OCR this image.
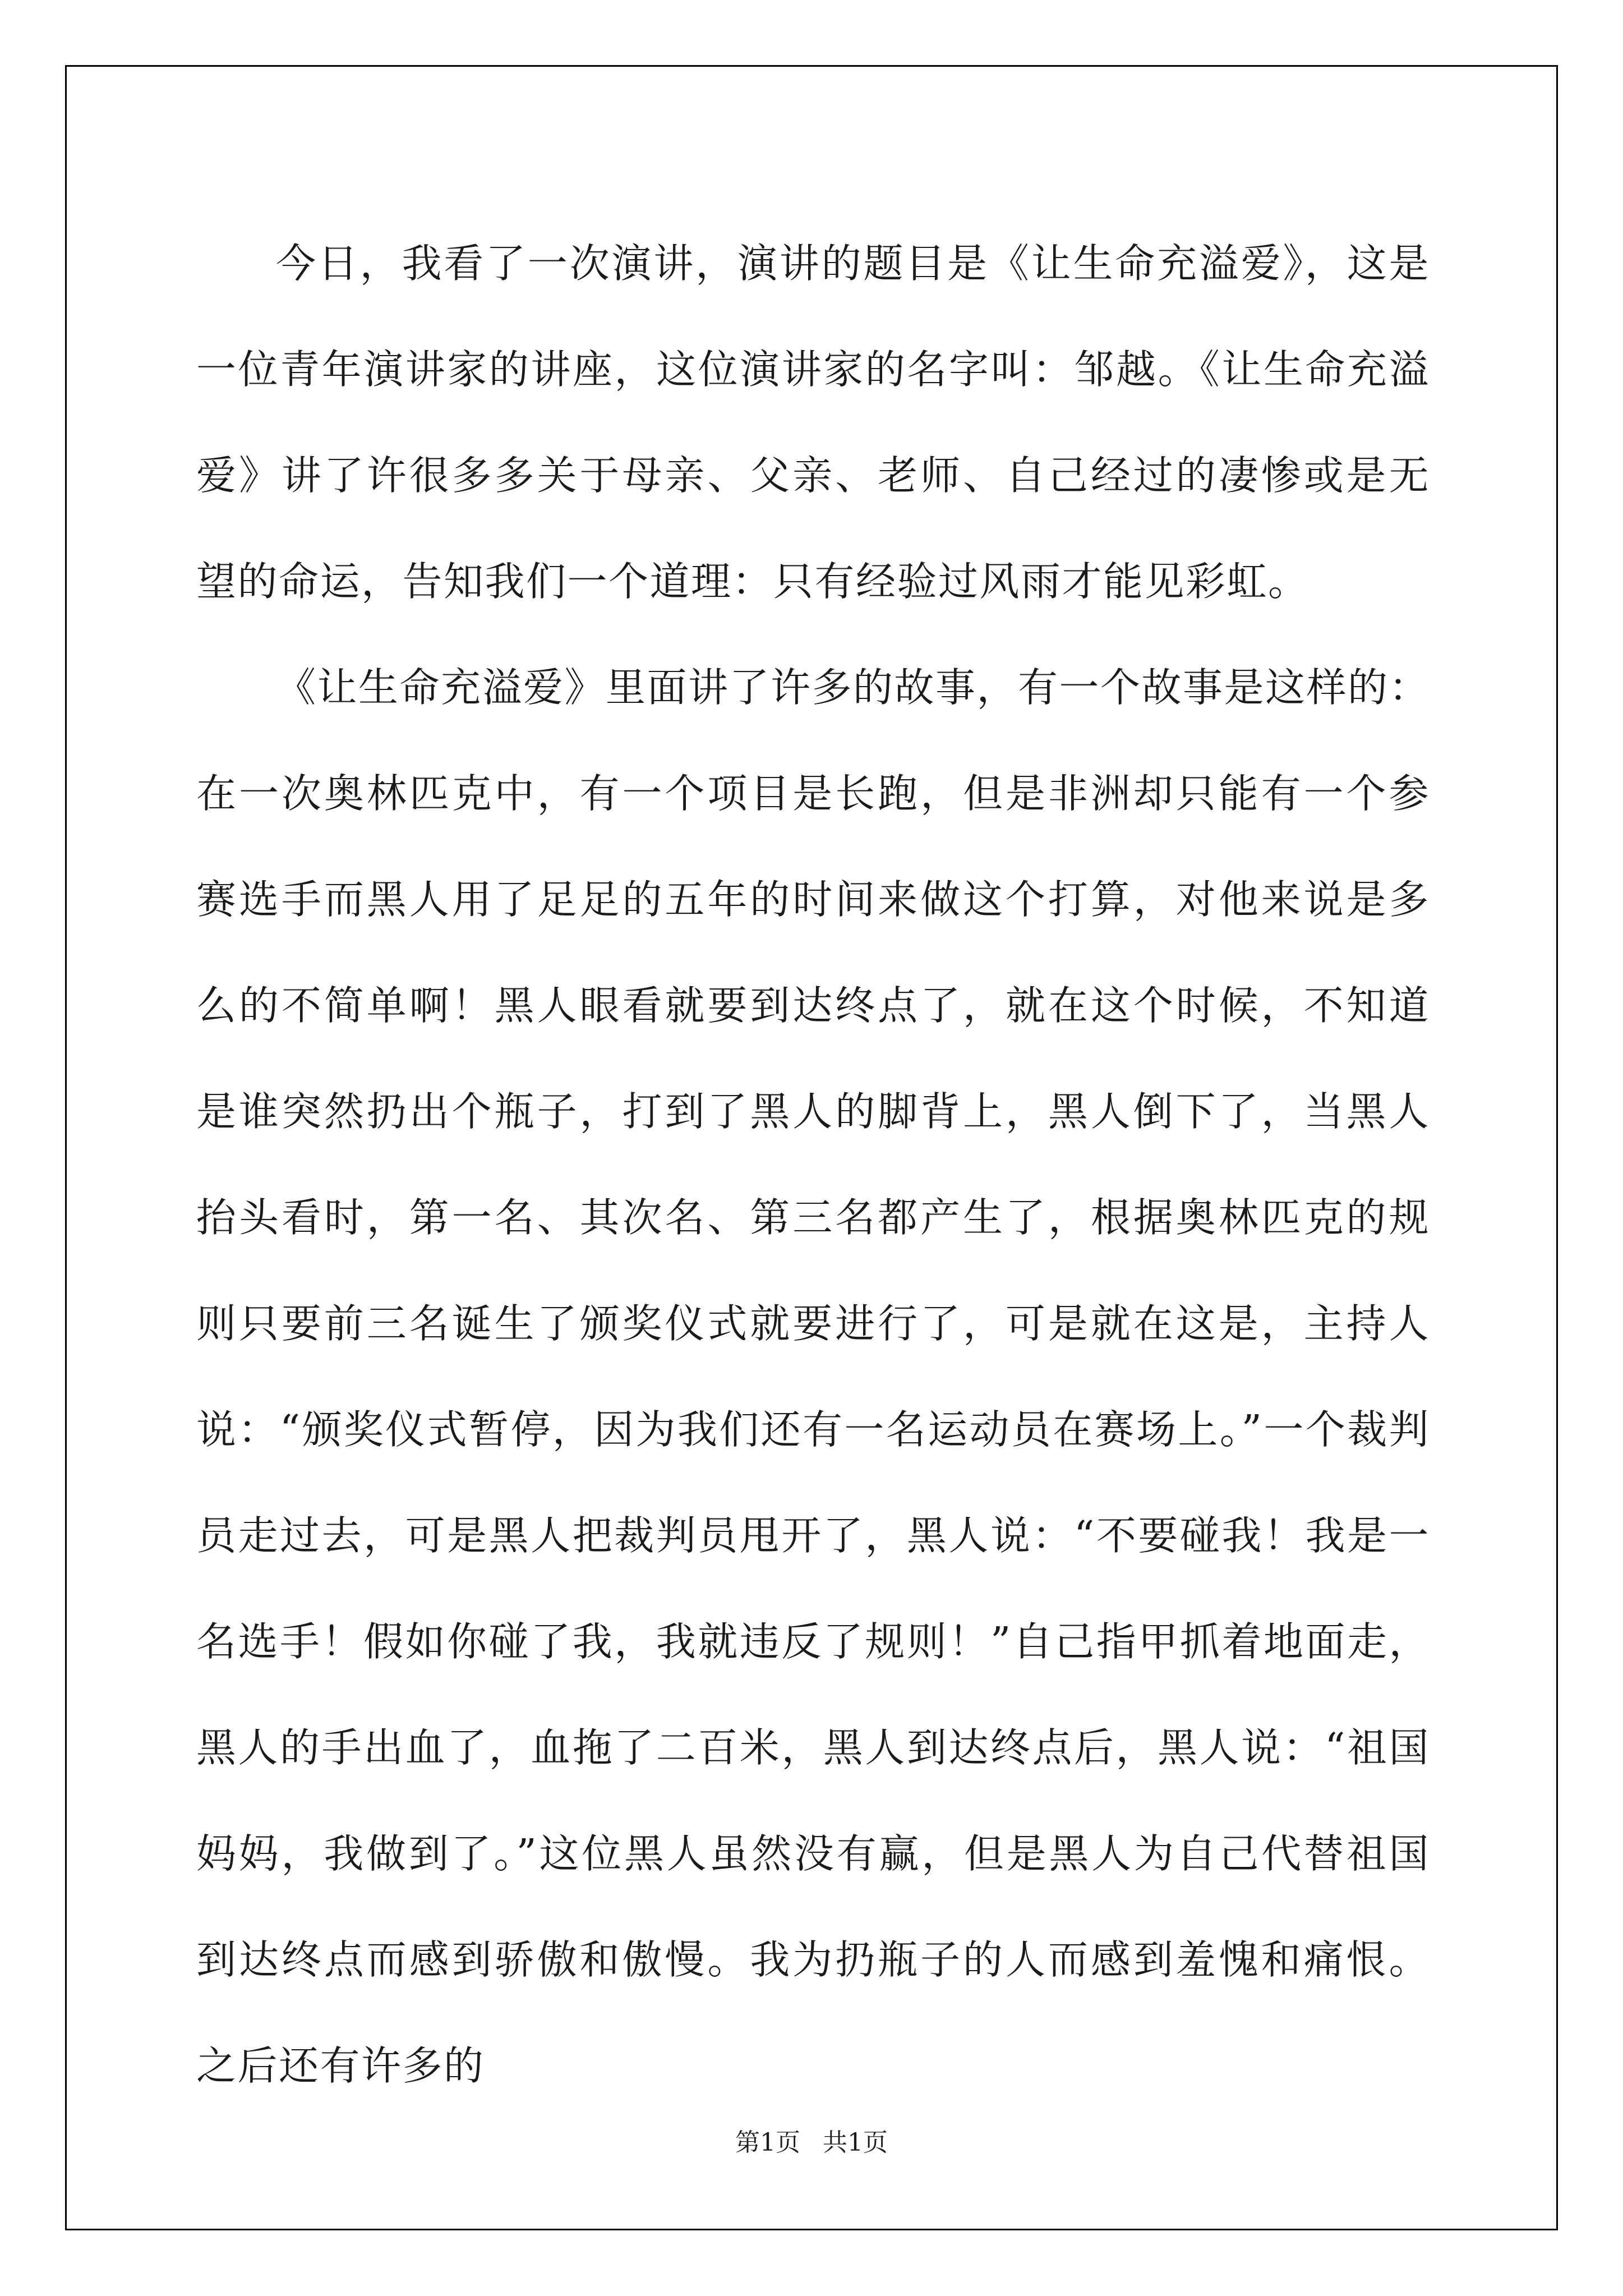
今日，我看了一次演讲，演讲的题目是《让生命充溢爱》，这是一位青年演讲家的讲座，这位演讲家的名字叫：邹越。《让生命充溢爱》讲了许很多多关于母亲、父亲、老师、自己经过的凄惨或是无望的命运，告知我们一个道理：只有经验过风雨才能见彩虹。

《让生命充溢爱》里面讲了许多的故事，有一个故事是这样的：在一次奥林匹克中，有一个项目是长跑，但是非洲却只能有一个参赛选手而黑人用了足足的五年的时间来做这个打算，对他来说是多么的不简单啊！黑人眼看就要到达终点了，就在这个时候，不知道是谁突然扔出个瓶子，打到了黑人的脚背上，黑人倒下了，当黑人抬头看时，第一名、其次名、第三名都产生了，根据奥林匹克的规则只要前三名诞生了颁奖仪式就要进行了，可是就在这是，主持人说：“颁奖仪式暂停，因为我们还有一名运动员在赛场上。”一个裁判员走过去，可是黑人把裁判员甩开了，黑人说：“不要碰我！我是一名选手！假如你碰了我，我就违反了规则！”自己指甲抓着地面走，黑人的手出血了，血拖了二百米，黑人到达终点后，黑人说：“祖国妈妈，我做到了。”这位黑人虽然没有赢，但是黑人为自己代替祖国到达终点而感到骄傲和傲慢。我为扔瓶子的人而感到羞愧和痛恨。之后还有许多的

第1页 共1页
